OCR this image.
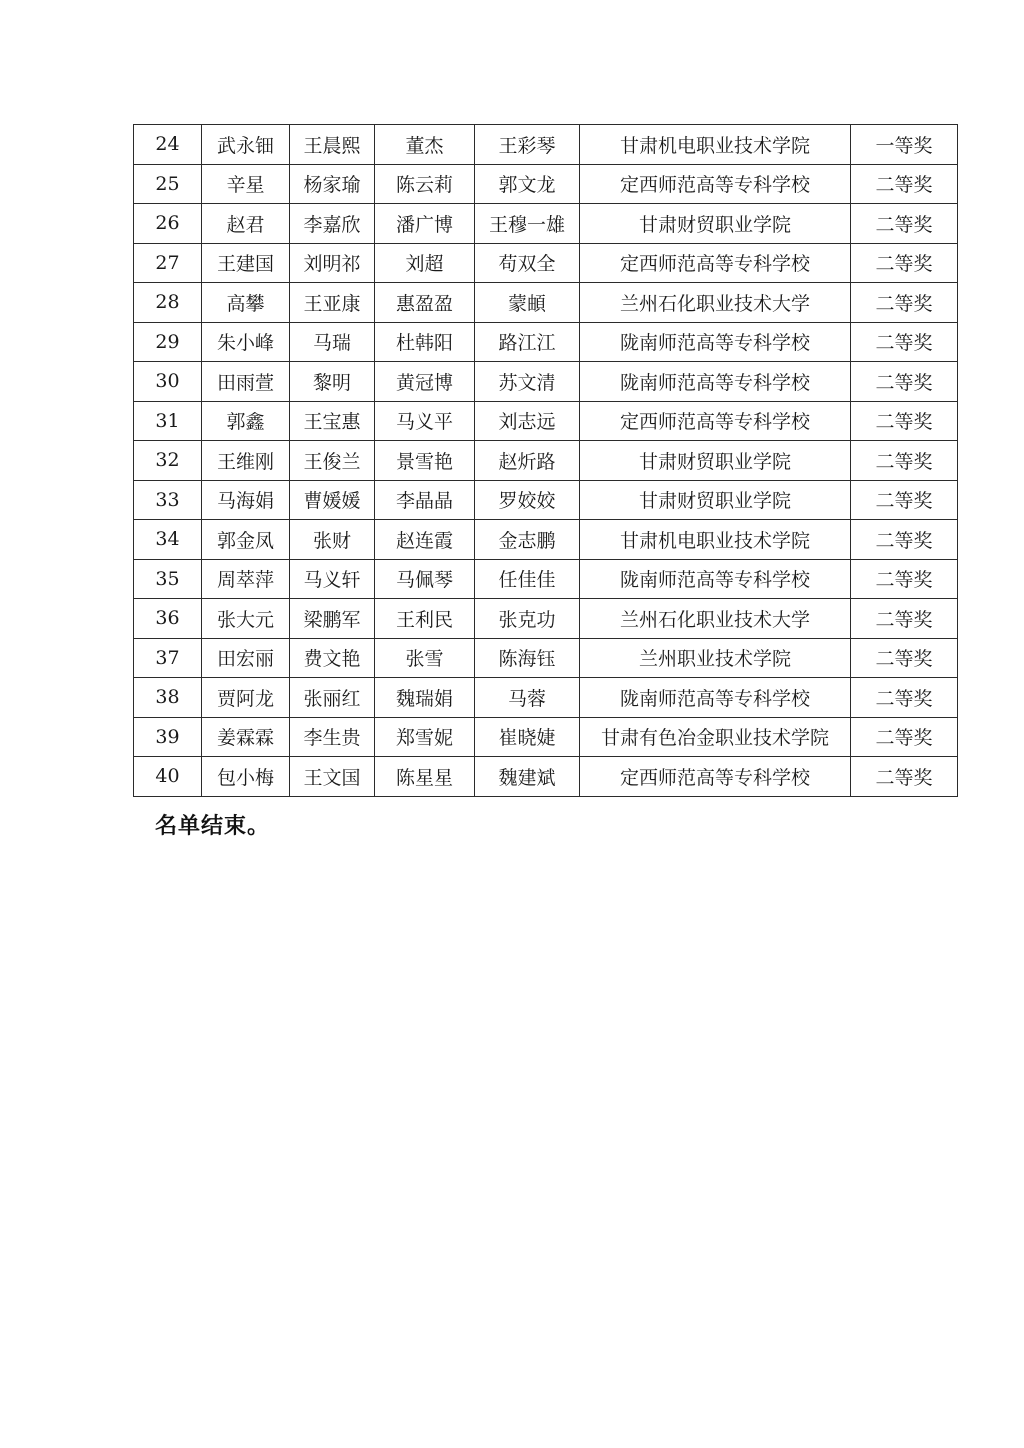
24	武永钿	王晨熙	董杰	王彩琴	甘肃机电职业技术学院	一等奖
25	辛星	杨家瑜	陈云莉	郭文龙	定西师范高等专科学校	二等奖
26	赵君	李嘉欣	潘广博	王穆一雄	甘肃财贸职业学院	二等奖
27	王建国	刘明祁	刘超	苟双全	定西师范高等专科学校	二等奖
28	高攀	王亚康	惠盈盈	蒙頔	兰州石化职业技术大学	二等奖
29	朱小峰	马瑞	杜韩阳	路江江	陇南师范高等专科学校	二等奖
30	田雨萱	黎明	黄冠博	苏文清	陇南师范高等专科学校	二等奖
31	郭鑫	王宝惠	马义平	刘志远	定西师范高等专科学校	二等奖
32	王维刚	王俊兰	景雪艳	赵炘路	甘肃财贸职业学院	二等奖
33	马海娟	曹媛媛	李晶晶	罗姣姣	甘肃财贸职业学院	二等奖
34	郭金凤	张财	赵连霞	金志鹏	甘肃机电职业技术学院	二等奖
35	周萃萍	马义轩	马佩琴	任佳佳	陇南师范高等专科学校	二等奖
36	张大元	梁鹏军	王利民	张克功	兰州石化职业技术大学	二等奖
37	田宏丽	费文艳	张雪	陈海钰	兰州职业技术学院	二等奖
38	贾阿龙	张丽红	魏瑞娟	马蓉	陇南师范高等专科学校	二等奖
39	姜霖霖	李生贵	郑雪妮	崔晓婕	甘肃有色冶金职业技术学院	二等奖
40	包小梅	王文国	陈星星	魏建斌	定西师范高等专科学校	二等奖
名单结束。
